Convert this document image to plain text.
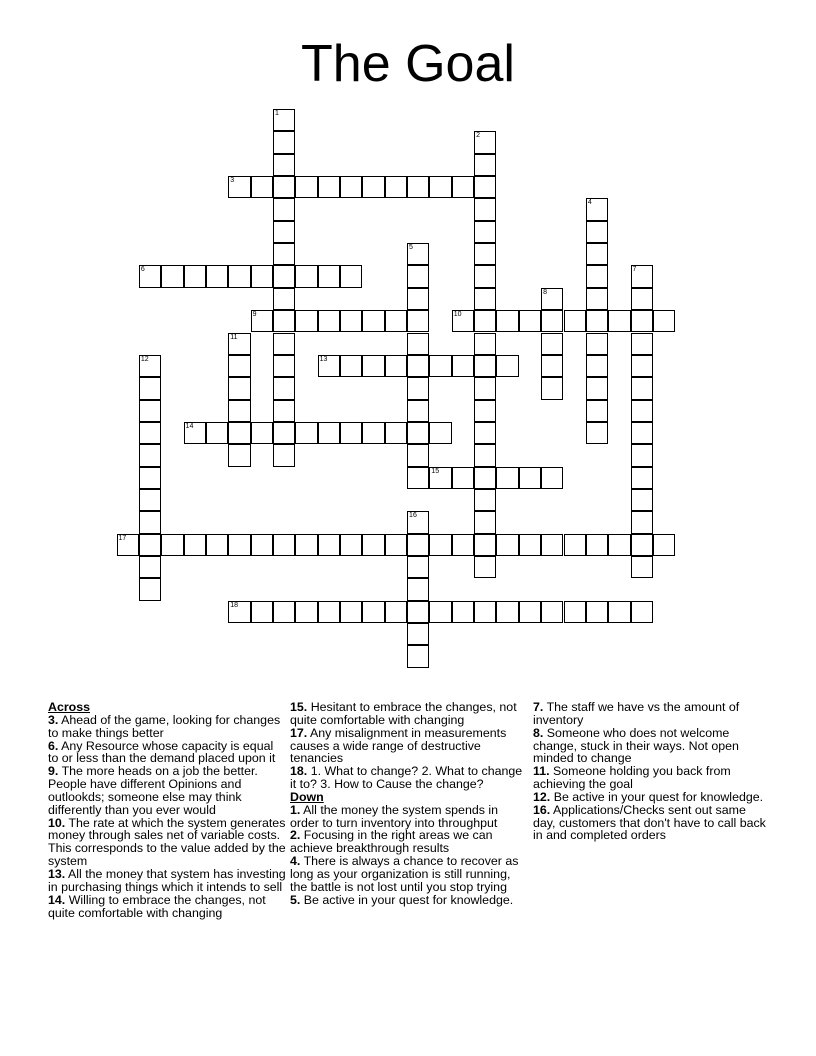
The Goal
3
6
9	10
13
14
15
17
18
1
2
4
5
7
8
11
12
16

Across

3. Ahead of the game, looking for changes to make things better

6. Any Resource whose capacity is equal to or less than the demand placed upon it

9. The more heads on a job the better. People have different Opinions and outlookds; someone else may think differently than you ever would

10. The rate at which the system generates money through sales net of variable costs. This corresponds to the value added by the system

13. All the money that system has investing in purchasing things which it intends to sell

14. Willing to embrace the changes, not quite comfortable with changing

15. Hesitant to embrace the changes, not quite comfortable with changing

17. Any misalignment in measurements causes a wide range of destructive tenancies

18. 1. What to change? 2. What to change it to? 3. How to Cause the change?

Down

1. All the money the system spends in order to turn inventory into throughput

2. Focusing in the right areas we can achieve breakthrough results

4. There is always a chance to recover as long as your organization is still running, the battle is not lost until you stop trying

5. Be active in your quest for knowledge.

7. The staff we have vs the amount of inventory

8. Someone who does not welcome change, stuck in their ways. Not open minded to change

11. Someone holding you back from achieving the goal

12. Be active in your quest for knowledge.

16. Applications/Checks sent out same day, customers that don't have to call back in and completed orders
